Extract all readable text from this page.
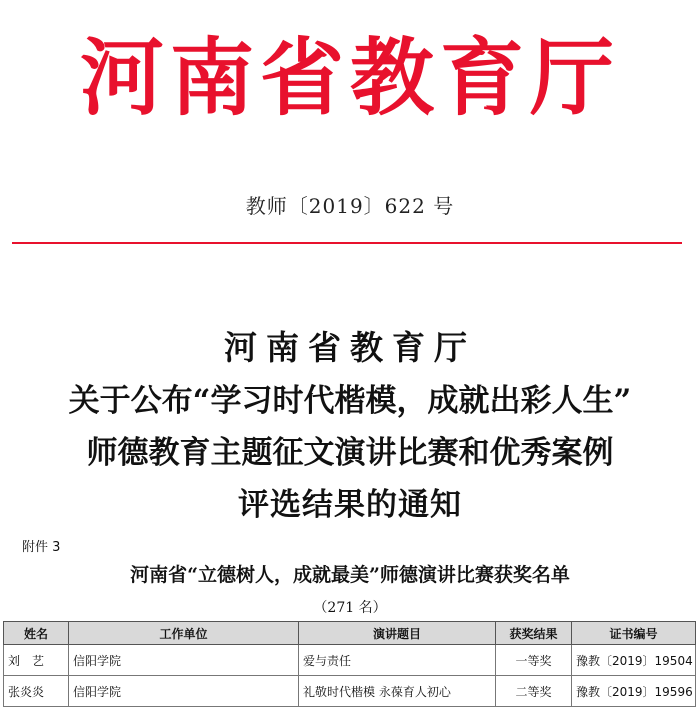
河南省教育厅
教师〔2019〕622 号
河南省教育厅
关于公布“学习时代楷模，成就出彩人生”
师德教育主题征文演讲比赛和优秀案例
评选结果的通知
附件 3
河南省“立德树人，成就最美”师德演讲比赛获奖名单
（271 名）
姓名	工作单位	演讲题目	获奖结果	证书编号
刘　艺	信阳学院	爱与责任	一等奖	豫教〔2019〕19504
张炎炎	信阳学院	礼敬时代楷模 永葆育人初心	二等奖	豫教〔2019〕19596
